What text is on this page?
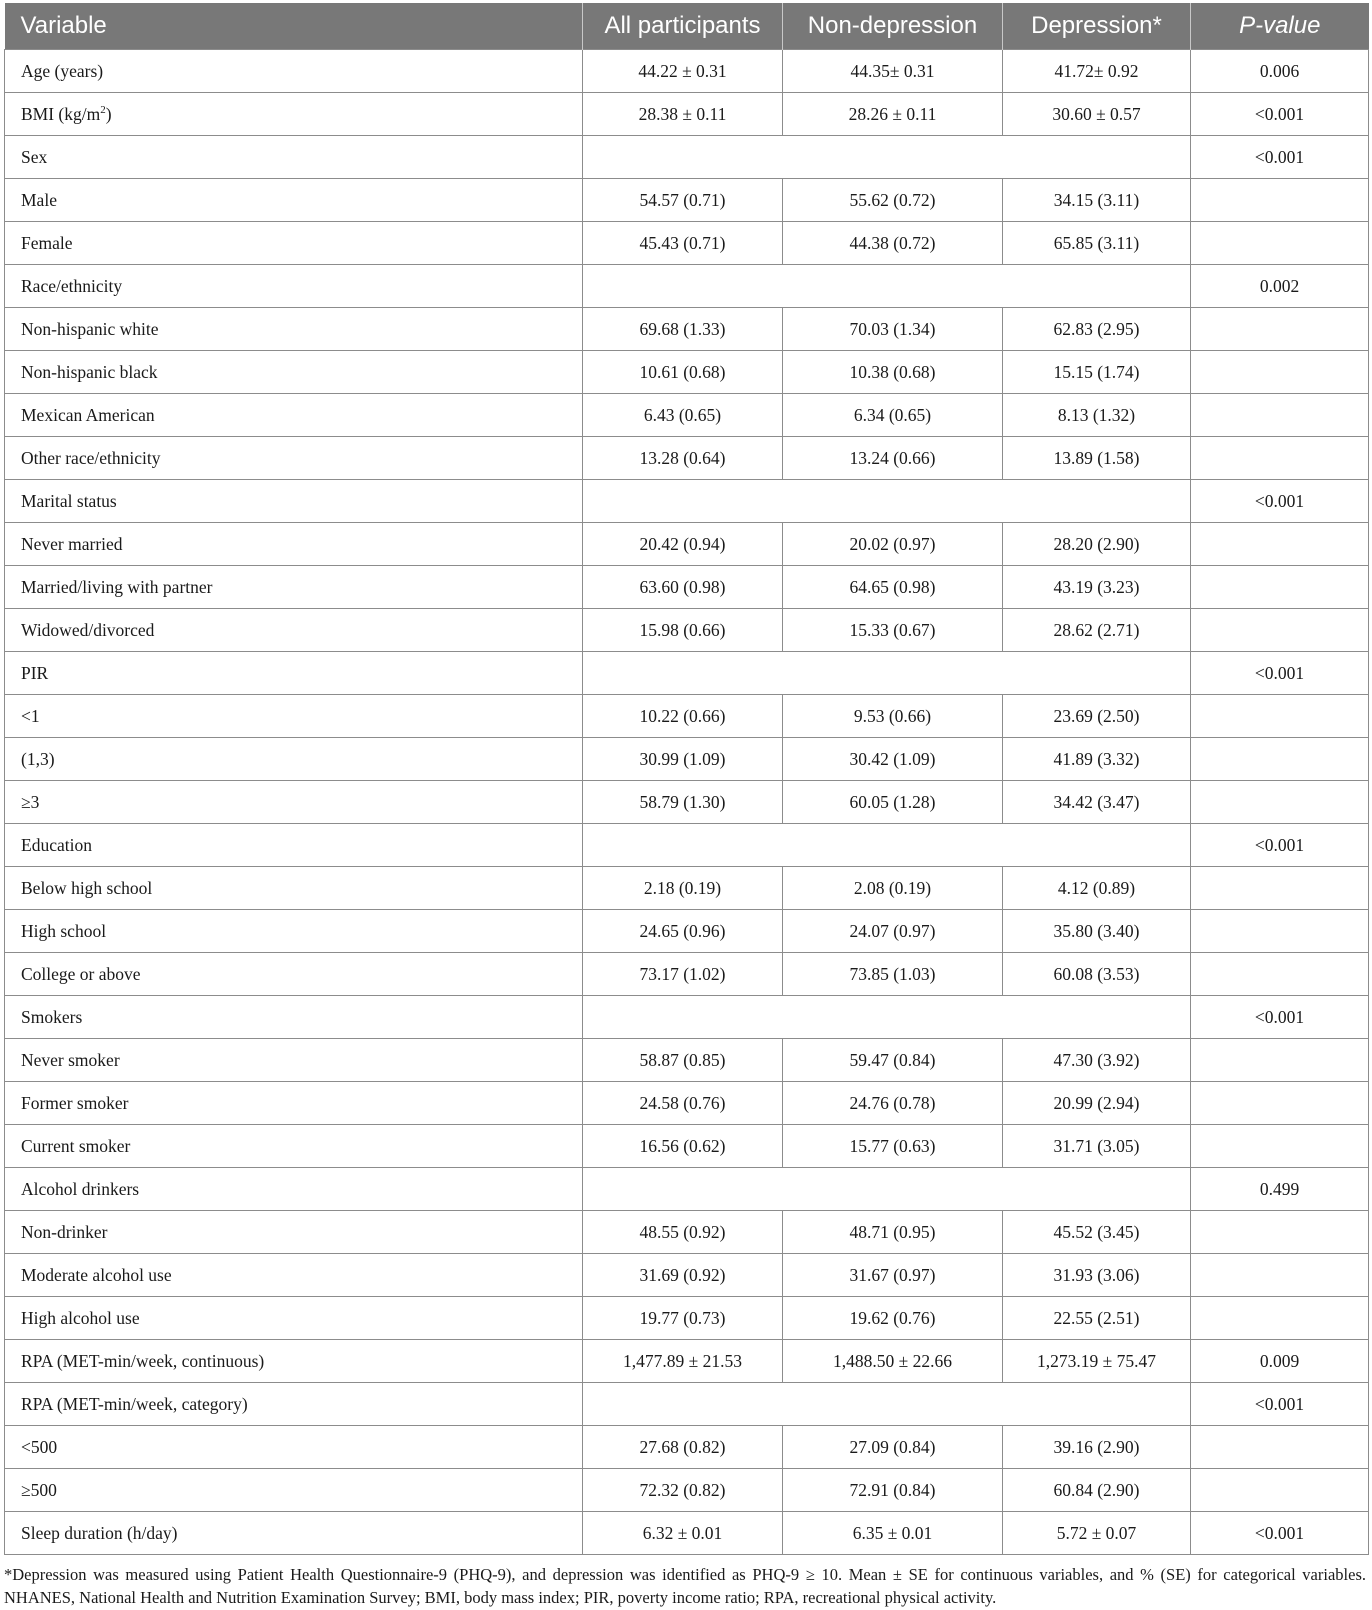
Variable	All participants	Non-depression	Depression*	P-value
Age (years)	44.22 ± 0.31	44.35± 0.31	41.72± 0.92	0.006
BMI $(kg/m^2)$	28.38 ± 0.11	28.26 ± 0.11	30.60 ± 0.57	<0.001
Sex				<0.001
Male	54.57 (0.71)	55.62 (0.72)	34.15 (3.11)	
Female	45.43 (0.71)	44.38 (0.72)	65.85 (3.11)	
Race/ethnicity				0.002
Non-hispanic white	69.68 (1.33)	70.03 (1.34)	62.83 (2.95)	
Non-hispanic black	10.61 (0.68)	10.38 (0.68)	15.15 (1.74)	
Mexican American	6.43 (0.65)	6.34 (0.65)	8.13 (1.32)	
Other race/ethnicity	13.28 (0.64)	13.24 (0.66)	13.89 (1.58)	
Marital status				<0.001
Never married	20.42 (0.94)	20.02 (0.97)	28.20 (2.90)	
Married/living with partner	63.60 (0.98)	64.65 (0.98)	43.19 (3.23)	
Widowed/divorced	15.98 (0.66)	15.33 (0.67)	28.62 (2.71)	
PIR				<0.001
<1	10.22 (0.66)	9.53 (0.66)	23.69 (2.50)	
(1,3)	30.99 (1.09)	30.42 (1.09)	41.89 (3.32)	
≥3	58.79 (1.30)	60.05 (1.28)	34.42 (3.47)	
Education				<0.001
Below high school	2.18 (0.19)	2.08 (0.19)	4.12 (0.89)	
High school	24.65 (0.96)	24.07 (0.97)	35.80 (3.40)	
College or above	73.17 (1.02)	73.85 (1.03)	60.08 (3.53)	
Smokers				<0.001
Never smoker	58.87 (0.85)	59.47 (0.84)	47.30 (3.92)	
Former smoker	24.58 (0.76)	24.76 (0.78)	20.99 (2.94)	
Current smoker	16.56 (0.62)	15.77 (0.63)	31.71 (3.05)	
Alcohol drinkers				0.499
Non-drinker	48.55 (0.92)	48.71 (0.95)	45.52 (3.45)	
Moderate alcohol use	31.69 (0.92)	31.67 (0.97)	31.93 (3.06)	
High alcohol use	19.77 (0.73)	19.62 (0.76)	22.55 (2.51)	
RPA (MET-min/week, continuous)	1,477.89 ± 21.53	1,488.50 ± 22.66	1,273.19 ± 75.47	0.009
RPA (MET-min/week, category)				<0.001
<500	27.68 (0.82)	27.09 (0.84)	39.16 (2.90)	
≥500	72.32 (0.82)	72.91 (0.84)	60.84 (2.90)	
Sleep duration (h/day)	6.32 ± 0.01	6.35 ± 0.01	5.72 ± 0.07	<0.001
*Depression was measured using Patient Health Questionnaire-9 (PHQ-9), and depression was identified as PHQ-9 ≥ 10. Mean ± SE for continuous variables, and % (SE) for categorical variables. NHANES, National Health and Nutrition Examination Survey; BMI, body mass index; PIR, poverty income ratio; RPA, recreational physical activity.
